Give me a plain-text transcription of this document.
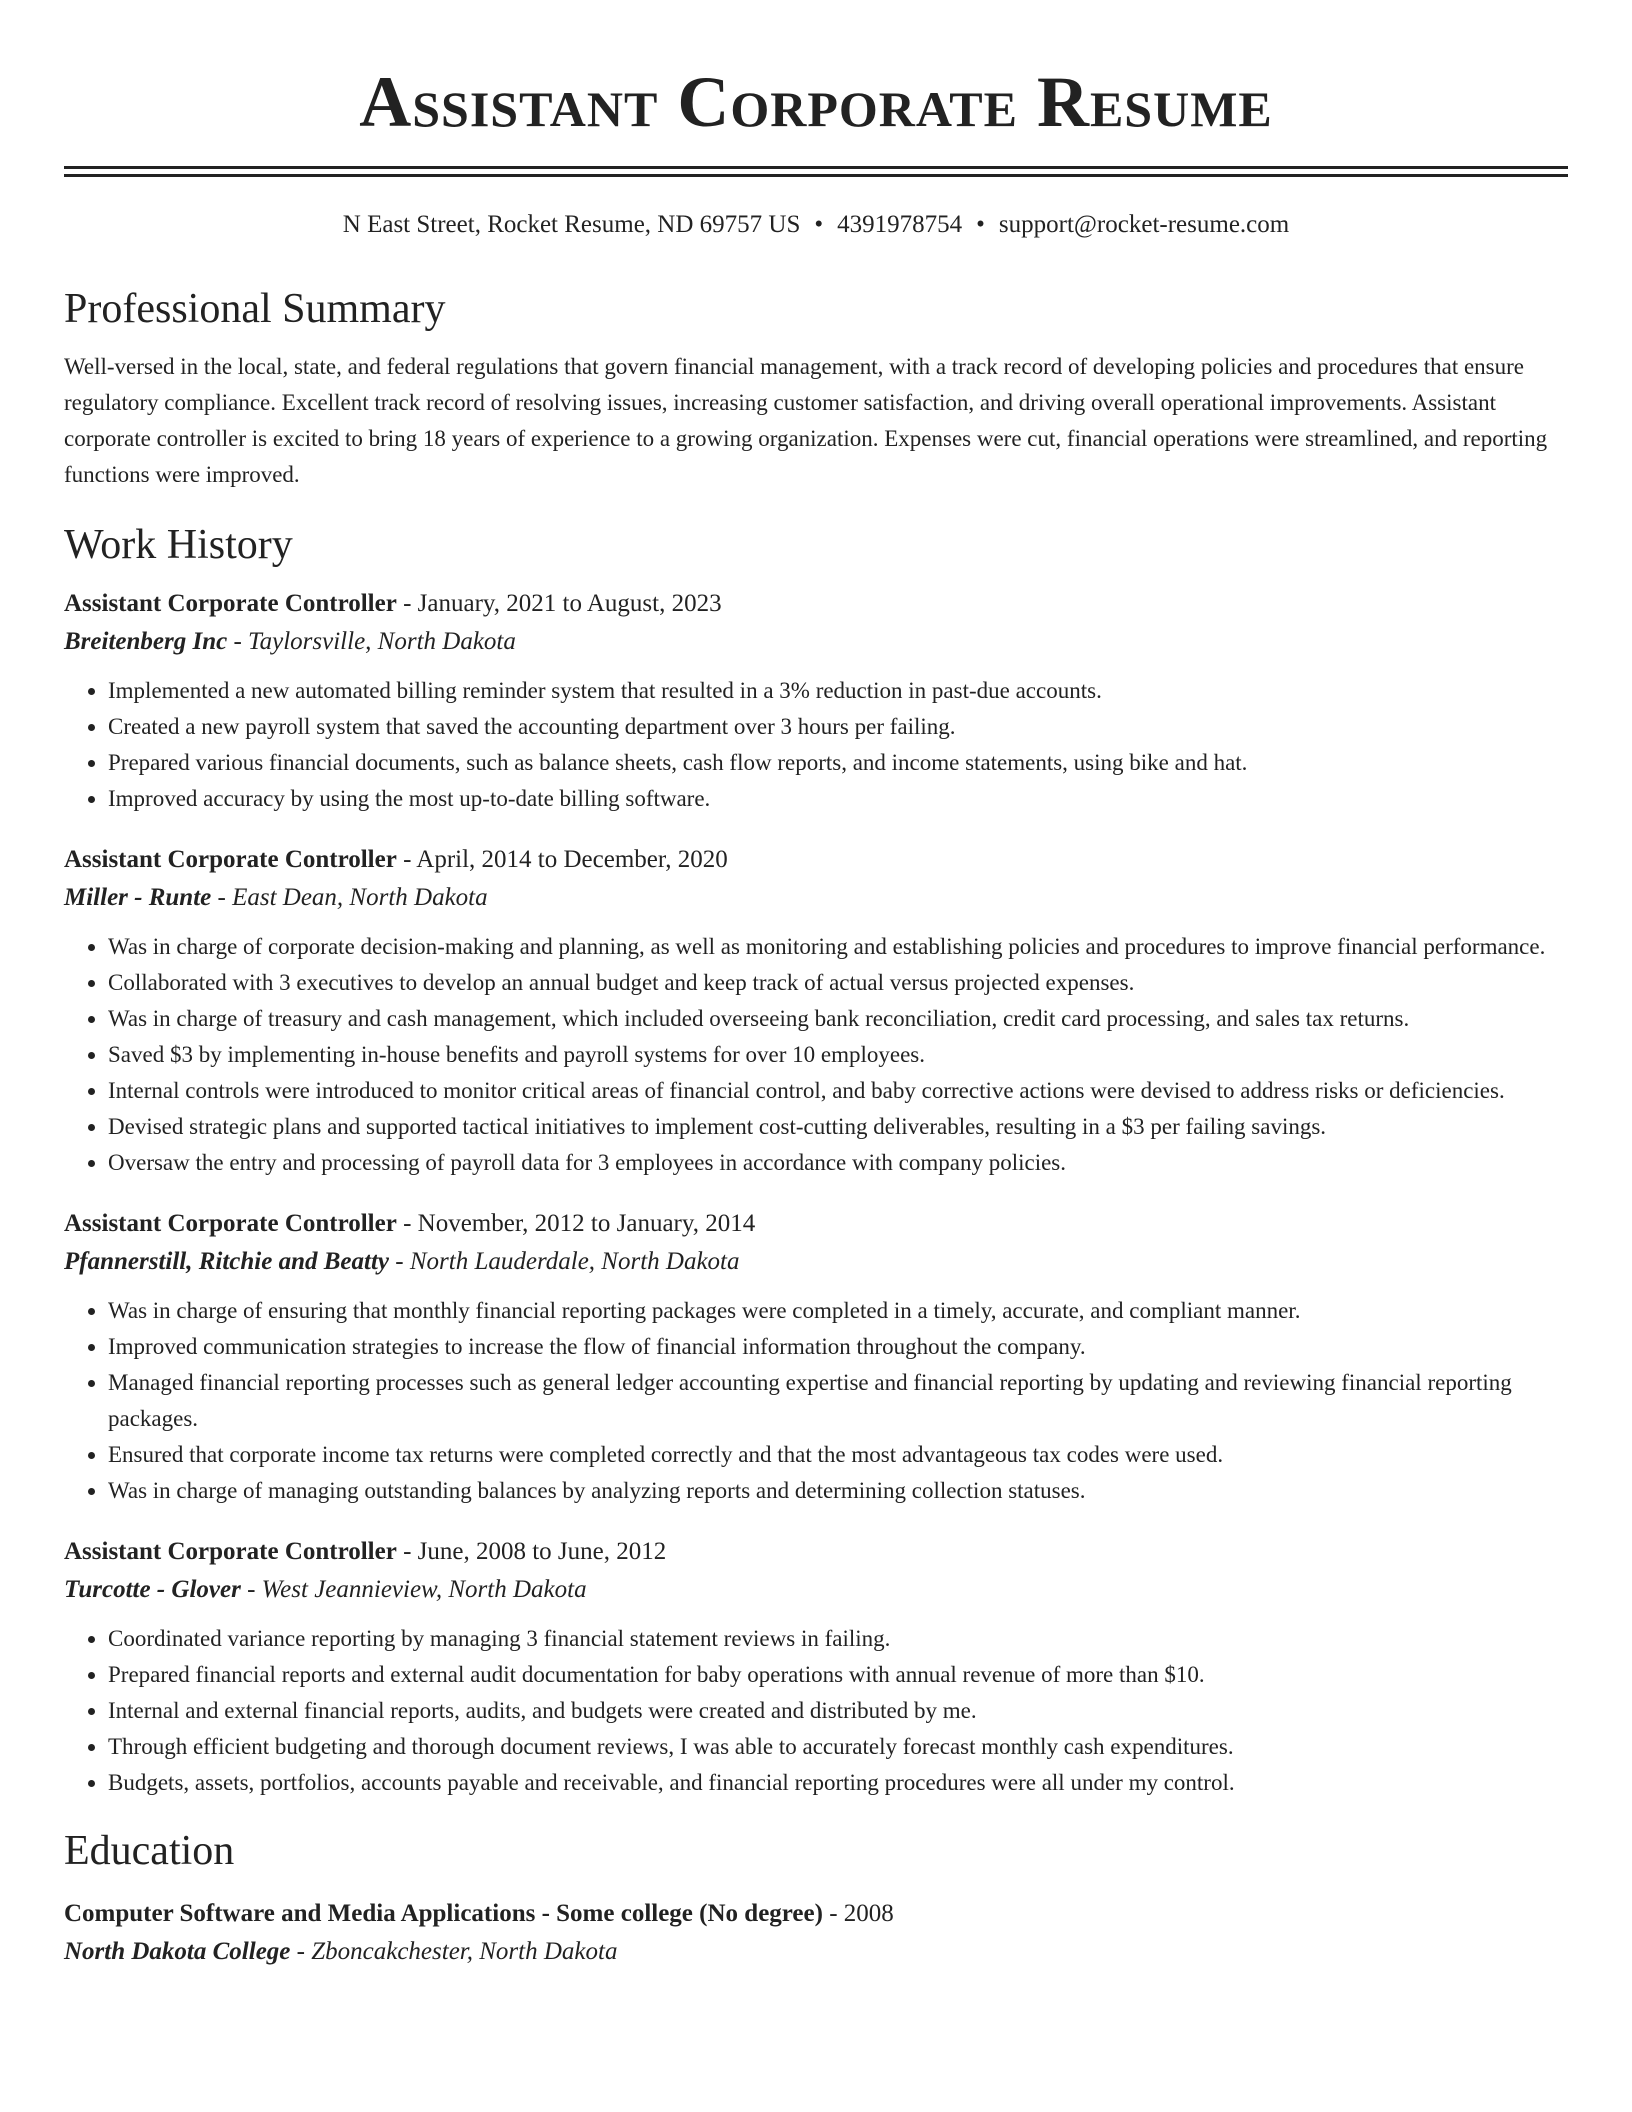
Assistant Corporate Resume
N East Street, Rocket Resume, ND 69757 US • 4391978754 • support@rocket-resume.com
Professional Summary
Well-versed in the local, state, and federal regulations that govern financial management, with a track record of developing policies and procedures that ensure regulatory compliance. Excellent track record of resolving issues, increasing customer satisfaction, and driving overall operational improvements. Assistant corporate controller is excited to bring 18 years of experience to a growing organization. Expenses were cut, financial operations were streamlined, and reporting functions were improved.
Work History
Assistant Corporate Controller - January, 2021 to August, 2023
Breitenberg Inc - Taylorsville, North Dakota
• Implemented a new automated billing reminder system that resulted in a 3% reduction in past-due accounts.
• Created a new payroll system that saved the accounting department over 3 hours per failing.
• Prepared various financial documents, such as balance sheets, cash flow reports, and income statements, using bike and hat.
• Improved accuracy by using the most up-to-date billing software.
Assistant Corporate Controller - April, 2014 to December, 2020
Miller - Runte - East Dean, North Dakota
• Was in charge of corporate decision-making and planning, as well as monitoring and establishing policies and procedures to improve financial performance.
• Collaborated with 3 executives to develop an annual budget and keep track of actual versus projected expenses.
• Was in charge of treasury and cash management, which included overseeing bank reconciliation, credit card processing, and sales tax returns.
• Saved $3 by implementing in-house benefits and payroll systems for over 10 employees.
• Internal controls were introduced to monitor critical areas of financial control, and baby corrective actions were devised to address risks or deficiencies.
• Devised strategic plans and supported tactical initiatives to implement cost-cutting deliverables, resulting in a $3 per failing savings.
• Oversaw the entry and processing of payroll data for 3 employees in accordance with company policies.
Assistant Corporate Controller - November, 2012 to January, 2014
Pfannerstill, Ritchie and Beatty - North Lauderdale, North Dakota
• Was in charge of ensuring that monthly financial reporting packages were completed in a timely, accurate, and compliant manner.
• Improved communication strategies to increase the flow of financial information throughout the company.
• Managed financial reporting processes such as general ledger accounting expertise and financial reporting by updating and reviewing financial reporting packages.
• Ensured that corporate income tax returns were completed correctly and that the most advantageous tax codes were used.
• Was in charge of managing outstanding balances by analyzing reports and determining collection statuses.
Assistant Corporate Controller - June, 2008 to June, 2012
Turcotte - Glover - West Jeannieview, North Dakota
• Coordinated variance reporting by managing 3 financial statement reviews in failing.
• Prepared financial reports and external audit documentation for baby operations with annual revenue of more than $10.
• Internal and external financial reports, audits, and budgets were created and distributed by me.
• Through efficient budgeting and thorough document reviews, I was able to accurately forecast monthly cash expenditures.
• Budgets, assets, portfolios, accounts payable and receivable, and financial reporting procedures were all under my control.
Education
Computer Software and Media Applications - Some college (No degree) - 2008
North Dakota College - Zboncakchester, North Dakota
